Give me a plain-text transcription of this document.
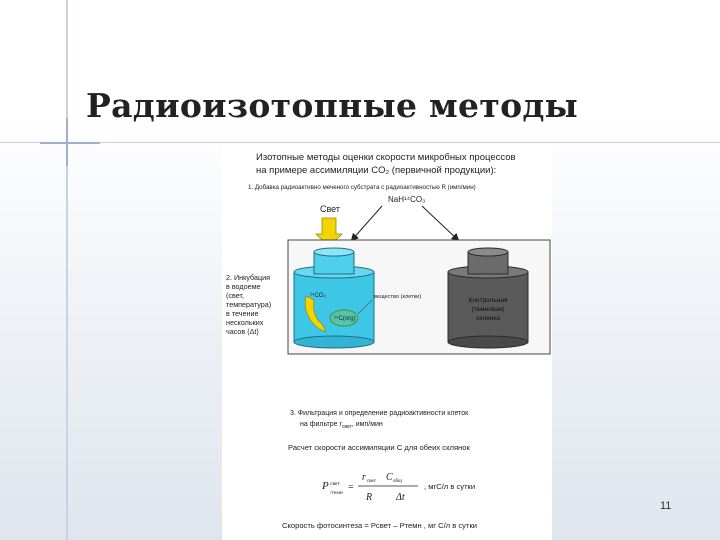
Радиоизотопные методы
Изотопные методы оценки скорости микробных процессов
на примере ассимиляции CO₂ (первичной продукции):
1. Добавка радиоактивно меченого субстрата с радиоактивностью R (имп/мин)
Свет
NaH¹⁴CO₃
¹⁴CO₂
¹⁴C(org)
вещество (клетки)	Контрольная
(темновая)
склянка
2. Инкубация
в водоеме
(свет,
температура)
в течение
нескольких
часов (Δt)
3. Фильтрация и определение радиоактивности клеток
на фильтре $r_{свет}$, имп/мин
Расчет скорости ассимиляции C для обеих склянок
P свет
/темн =
r свет C общ
R Δt
, мгC/л в сутки
Скорость фотосинтеза = Pсвет – Pтемн , мг C/л в сутки
11
